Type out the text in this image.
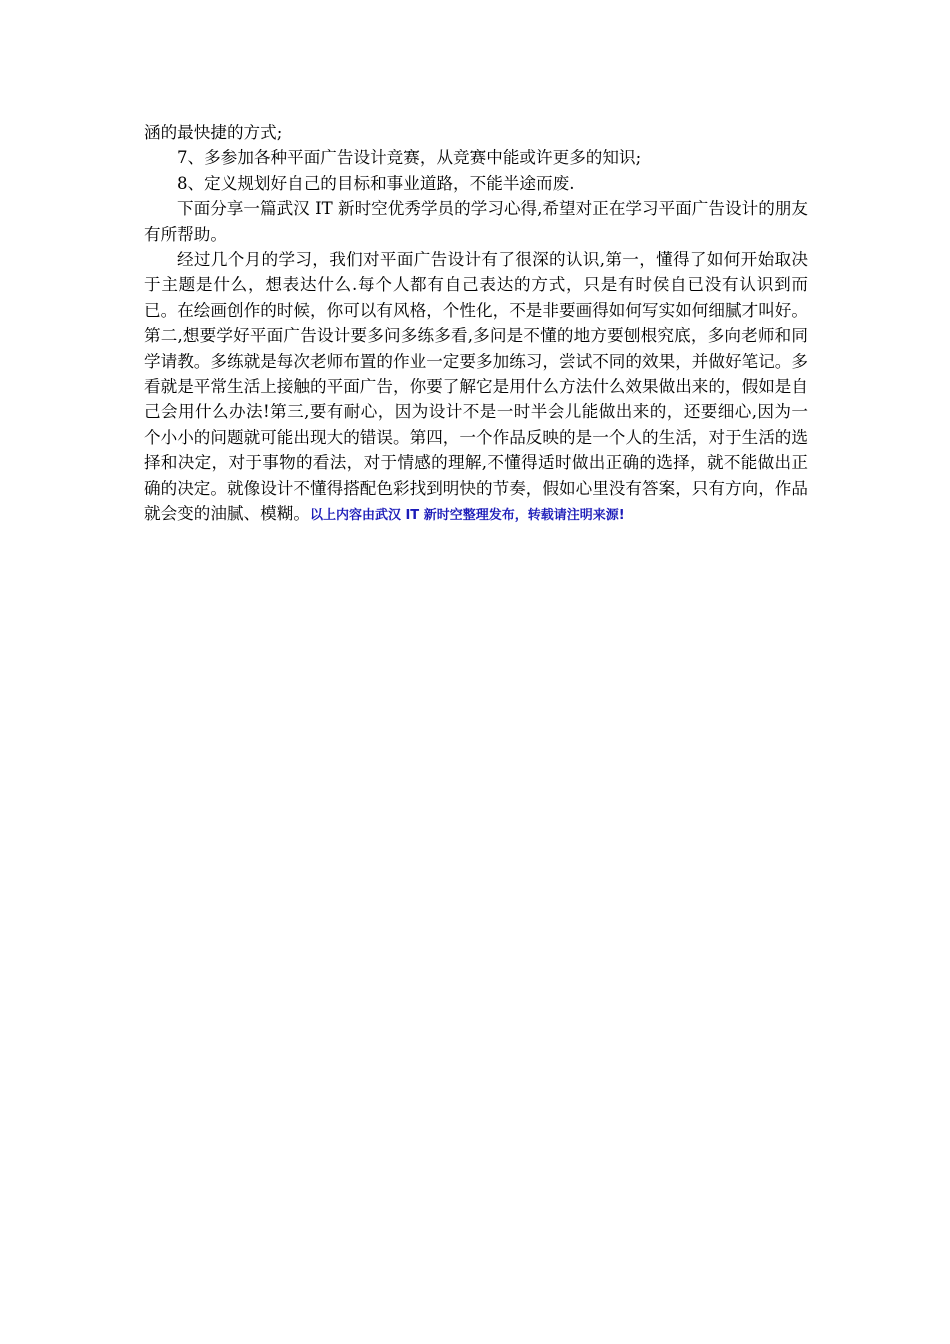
涵的最快捷的方式;

7、多参加各种平面广告设计竞赛，从竞赛中能或许更多的知识;

8、定义规划好自己的目标和事业道路，不能半途而废.

下面分享一篇武汉 IT 新时空优秀学员的学习心得,希望对正在学习平面广告设计的朋友有所帮助。

经过几个月的学习，我们对平面广告设计有了很深的认识,第一，懂得了如何开始取决于主题是什么，想表达什么.每个人都有自己表达的方式，只是有时侯自已没有认识到而已。在绘画创作的时候，你可以有风格，个性化，不是非要画得如何写实如何细腻才叫好。第二,想要学好平面广告设计要多问多练多看,多问是不懂的地方要刨根究底，多向老师和同学请教。多练就是每次老师布置的作业一定要多加练习，尝试不同的效果，并做好笔记。多看就是平常生活上接触的平面广告，你要了解它是用什么方法什么效果做出来的，假如是自己会用什么办法!第三,要有耐心，因为设计不是一时半会儿能做出来的，还要细心,因为一个小小的问题就可能出现大的错误。第四，一个作品反映的是一个人的生活，对于生活的选择和决定，对于事物的看法，对于情感的理解,不懂得适时做出正确的选择，就不能做出正确的决定。就像设计不懂得搭配色彩找到明快的节奏，假如心里没有答案，只有方向，作品就会变的油腻、模糊。以上内容由武汉 IT 新时空整理发布，转载请注明来源!
